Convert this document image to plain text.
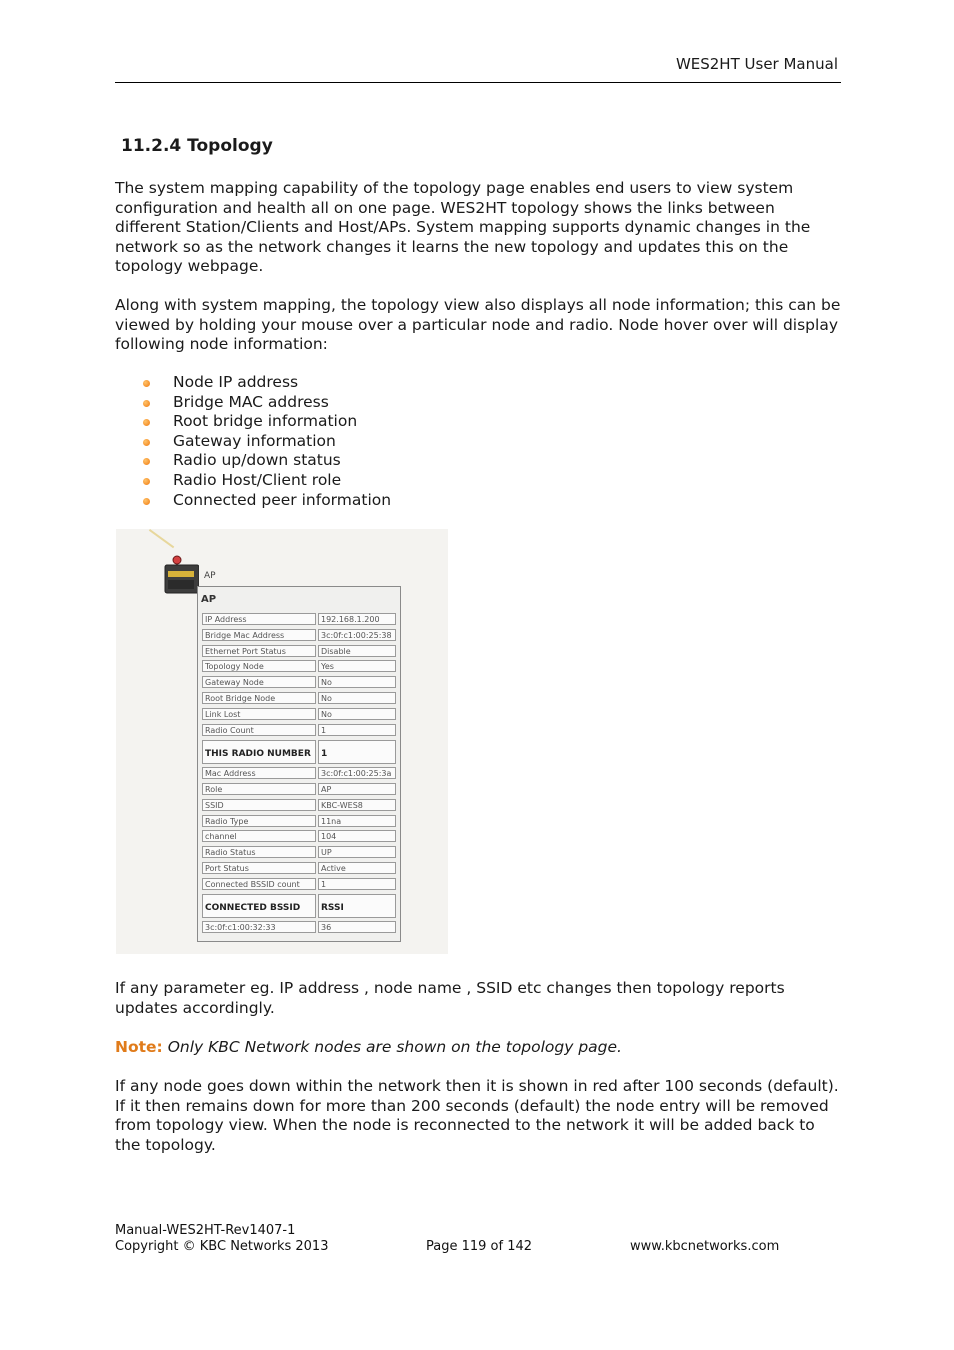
WES2HT User Manual
11.2.4 Topology
The system mapping capability of the topology page enables end users to view system configuration and health all on one page. WES2HT topology shows the links between different Station/Clients and Host/APs. System mapping supports dynamic changes in the network so as the network changes it learns the new topology and updates this on the topology webpage.
Along with system mapping, the topology view also displays all node information; this can be viewed by holding your mouse over a particular node and radio. Node hover over will display following node information:
Node IP address
Bridge MAC address
Root bridge information
Gateway information
Radio up/down status
Radio Host/Client role
Connected peer information
AP
AP
IP Address	192.168.1.200
Bridge Mac Address	3c:0f:c1:00:25:38
Ethernet Port Status	Disable
Topology Node	Yes
Gateway Node	No
Root Bridge Node	No
Link Lost	No
Radio Count	1
THIS RADIO NUMBER	1
Mac Address	3c:0f:c1:00:25:3a
Role	AP
SSID	KBC-WES8
Radio Type	11na
channel	104
Radio Status	UP
Port Status	Active
Connected BSSID count	1
CONNECTED BSSID	RSSI
3c:0f:c1:00:32:33	36
If any parameter eg. IP address , node name , SSID etc changes then topology reports updates accordingly.
Note: Only KBC Network nodes are shown on the topology page.
If any node goes down within the network then it is shown in red after 100 seconds (default). If it then remains down for more than 200 seconds (default) the node entry will be removed from topology view. When the node is reconnected to the network it will be added back to the topology.
Manual-WES2HT-Rev1407-1
Copyright © KBC Networks 2013	Page 119 of 142	www.kbcnetworks.com
